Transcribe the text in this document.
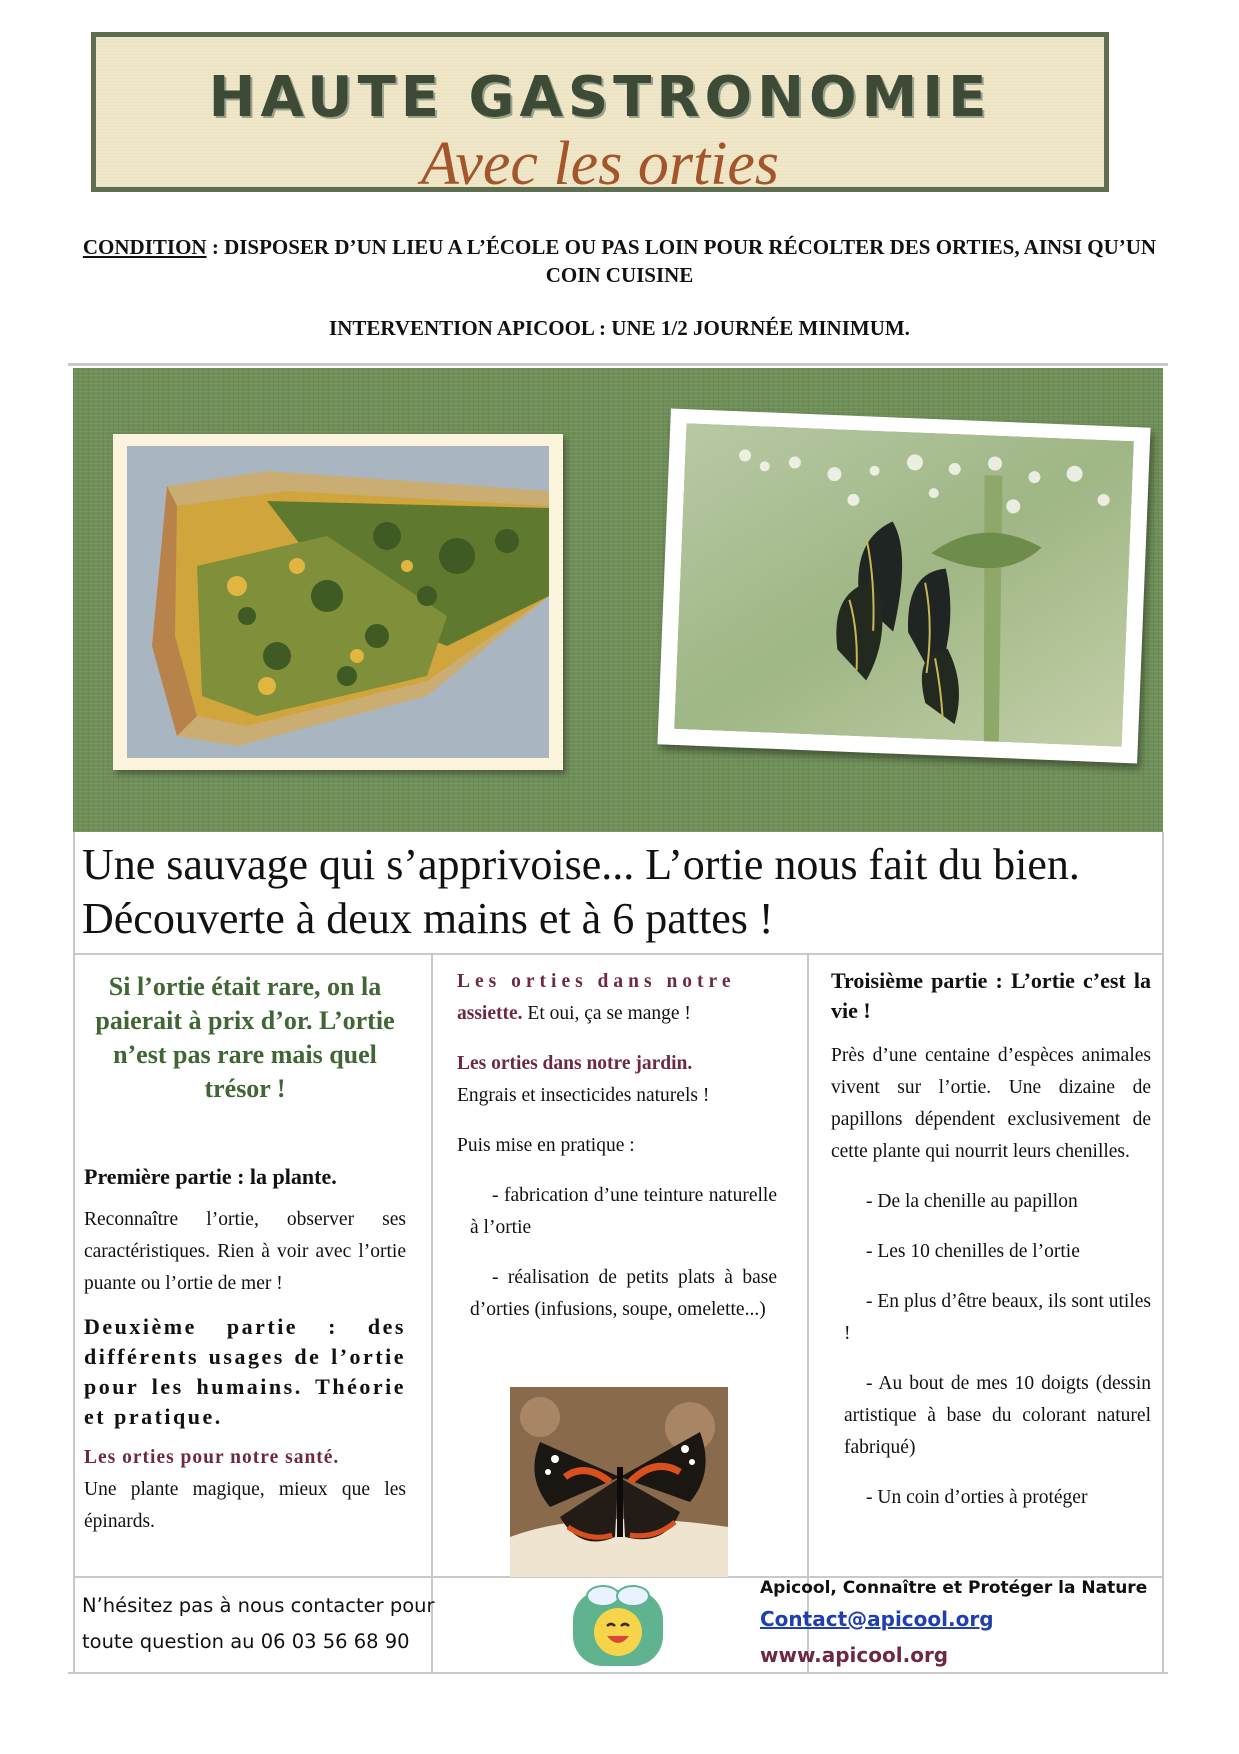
HAUTE GASTRONOMIE
Avec les orties
CONDITION : DISPOSER D’UN LIEU A L’ÉCOLE OU PAS LOIN POUR RÉCOLTER DES ORTIES, AINSI QU’UN COIN CUISINE
INTERVENTION APICOOL : UNE 1/2 JOURNÉE MINIMUM.
Une sauvage qui s’apprivoise... L’ortie nous fait du bien. Découverte à deux mains et à 6 pattes !

Si l’ortie était rare, on la paierait à prix d’or. L’ortie n’est pas rare mais quel trésor !

Première partie : la plante.

Reconnaître l’ortie, observer ses caractéristiques. Rien à voir avec l’ortie puante ou l’ortie de mer !

Deuxième partie : des différents usages de l’ortie pour les humains. Théorie et pratique.

Les orties pour notre santé.

Une plante magique, mieux que les épinards.

Les orties dans notre

assiette. Et oui, ça se mange !

Les orties dans notre jardin.

Engrais et insecticides naturels !

Puis mise en pratique :

- fabrication d’une teinture naturelle à l’ortie

- réalisation de petits plats à base d’orties (infusions, soupe, omelette...)

Troisième partie : L’ortie c’est la vie !

Près d’une centaine d’espèces animales vivent sur l’ortie. Une dizaine de papillons dépendent exclusivement de cette plante qui nourrit leurs chenilles.

- De la chenille au papillon

- Les 10 chenilles de l’ortie

- En plus d’être beaux, ils sont utiles !

- Au bout de mes 10 doigts (dessin artistique à base du colorant naturel fabriqué)

- Un coin d’orties à protéger

N’hésitez pas à nous contacter pour toute question au 06 03 56 68 90
Apicool, Connaître et Protéger la Nature
Contact@apicool.org
www.apicool.org
